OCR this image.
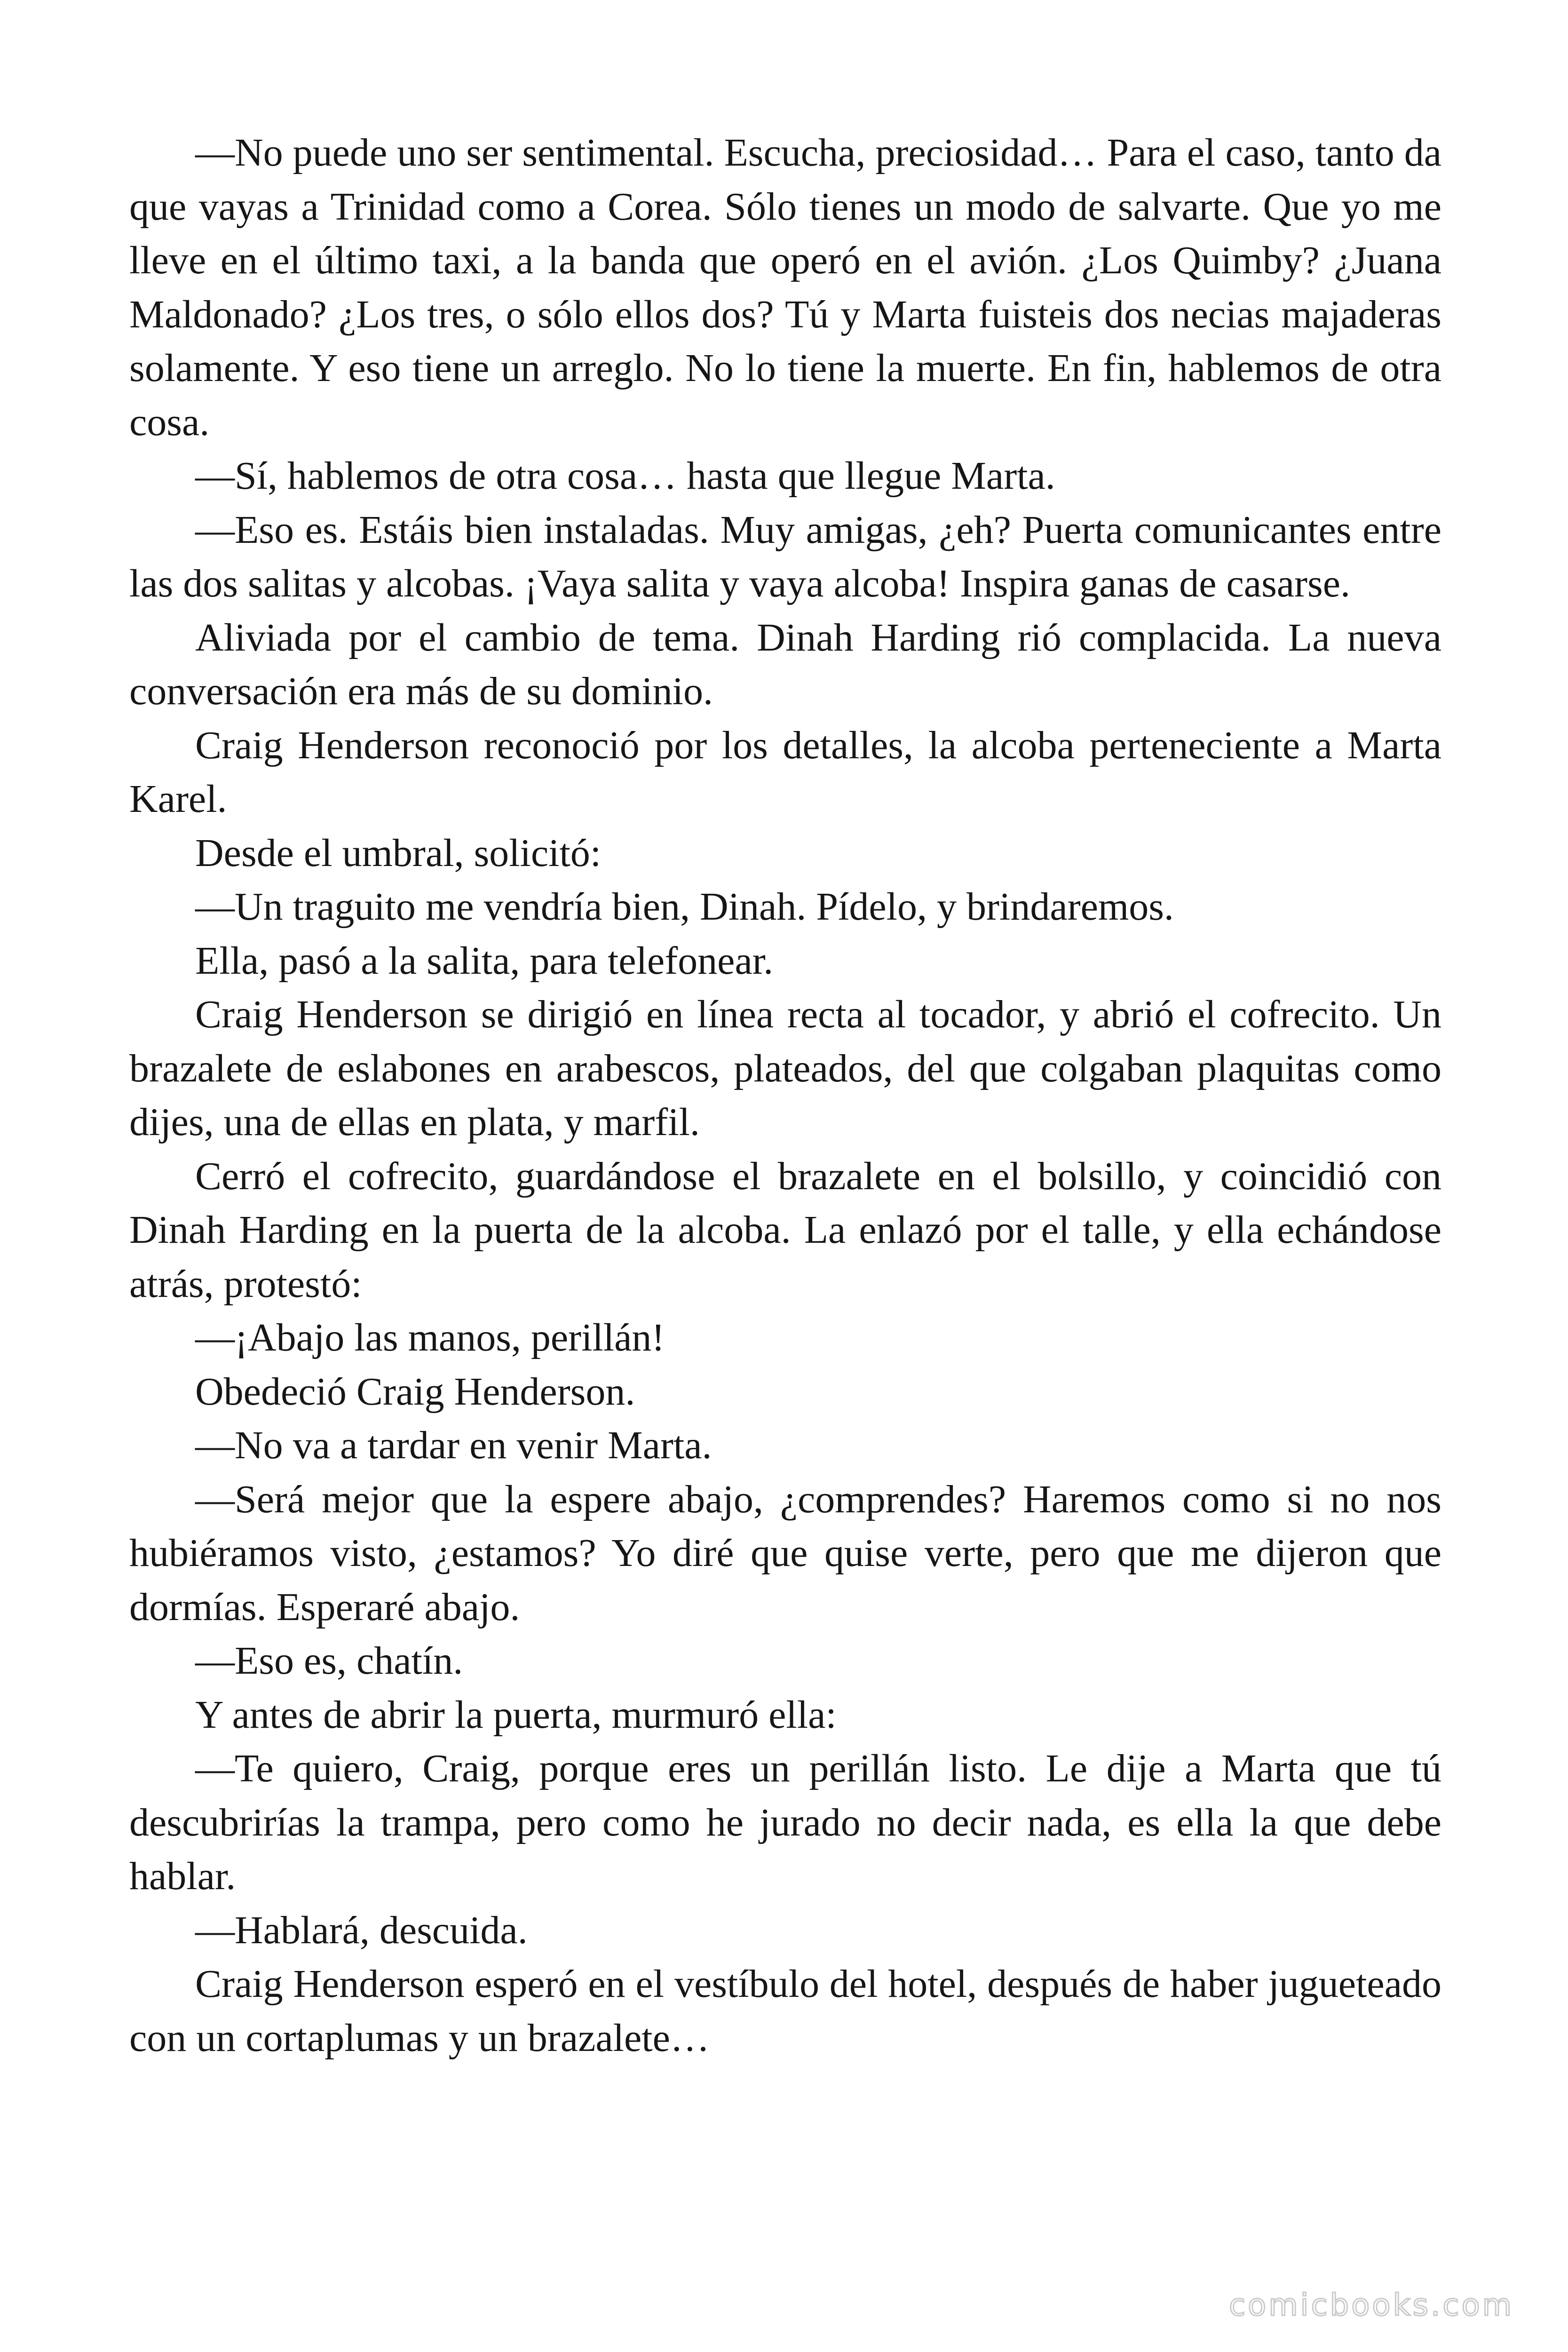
—No puede uno ser sentimental. Escucha, preciosidad… Para el caso, tanto da que vayas a Trinidad como a Corea. Sólo tienes un modo de salvarte. Que yo me lleve en el último taxi, a la banda que operó en el avión. ¿Los Quimby? ¿Juana Maldonado? ¿Los tres, o sólo ellos dos? Tú y Marta fuisteis dos necias majaderas solamente. Y eso tiene un arreglo. No lo tiene la muerte. En fin, hablemos de otra cosa.

—Sí, hablemos de otra cosa… hasta que llegue Marta.

—Eso es. Estáis bien instaladas. Muy amigas, ¿eh? Puerta comunicantes entre las dos salitas y alcobas. ¡Vaya salita y vaya alcoba! Inspira ganas de casarse.

Aliviada por el cambio de tema. Dinah Harding rió complacida. La nueva conversación era más de su dominio.

Craig Henderson reconoció por los detalles, la alcoba perteneciente a Marta Karel.

Desde el umbral, solicitó:

—Un traguito me vendría bien, Dinah. Pídelo, y brindaremos.

Ella, pasó a la salita, para telefonear.

Craig Henderson se dirigió en línea recta al tocador, y abrió el cofrecito. Un brazalete de eslabones en arabescos, plateados, del que colgaban plaquitas como dijes, una de ellas en plata, y marfil.

Cerró el cofrecito, guardándose el brazalete en el bolsillo, y coincidió con Dinah Harding en la puerta de la alcoba. La enlazó por el talle, y ella echándose atrás, protestó:

—¡Abajo las manos, perillán!

Obedeció Craig Henderson.

—No va a tardar en venir Marta.

—Será mejor que la espere abajo, ¿comprendes? Haremos como si no nos hubiéramos visto, ¿estamos? Yo diré que quise verte, pero que me dijeron que dormías. Esperaré abajo.

—Eso es, chatín.

Y antes de abrir la puerta, murmuró ella:

—Te quiero, Craig, porque eres un perillán listo. Le dije a Marta que tú descubrirías la trampa, pero como he jurado no decir nada, es ella la que debe hablar.

—Hablará, descuida.

Craig Henderson esperó en el vestíbulo del hotel, después de haber jugueteado con un cortaplumas y un brazalete…

comicbooks.com
